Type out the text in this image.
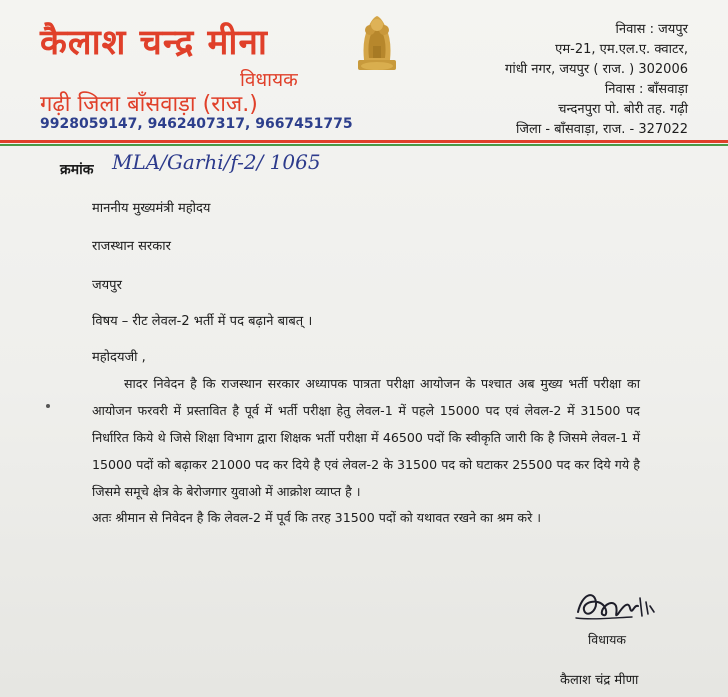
कैलाश चन्द्र मीना
विधायक
गढ़ी जिला बाँसवाड़ा (राज.)
9928059147, 9462407317, 9667451775
निवास : जयपुर
एम-21, एम.एल.ए. क्वाटर,
गांधी नगर, जयपुर ( राज. ) 302006
निवास : बाँसवाड़ा
चन्दनपुरा पो. बोरी तह. गढ़ी
जिला - बाँसवाड़ा, राज. - 327022
क्रमांक MLA/Garhi/f-2/ 1065
माननीय मुख्यमंत्री महोदय
राजस्थान सरकार
जयपुर
विषय – रीट लेवल-2 भर्ती में पद बढ़ाने बाबत् ।
महोदयजी ,
सादर निवेदन है कि राजस्थान सरकार अध्यापक पात्रता परीक्षा आयोजन के पश्चात अब मुख्य भर्ती परीक्षा का आयोजन फरवरी में प्रस्तावित है पूर्व में भर्ती परीक्षा हेतु लेवल-1 में पहले 15000 पद एवं लेवल-2 में 31500 पद निर्धारित किये थे जिसे शिक्षा विभाग द्वारा शिक्षक भर्ती परीक्षा में 46500 पदों कि स्वीकृति जारी कि है जिसमे लेवल-1 में 15000 पदों को बढ़ाकर 21000 पद कर दिये है एवं लेवल-2 के 31500 पद को घटाकर 25500 पद कर दिये गये है जिसमे समूचे क्षेत्र के बेरोजगार युवाओ में आक्रोश व्याप्त है ।
अतः श्रीमान से निवेदन है कि लेवल-2 में पूर्व कि तरह 31500 पदों को यथावत रखने का श्रम करे ।
विधायक
कैलाश चंद्र मीणा
